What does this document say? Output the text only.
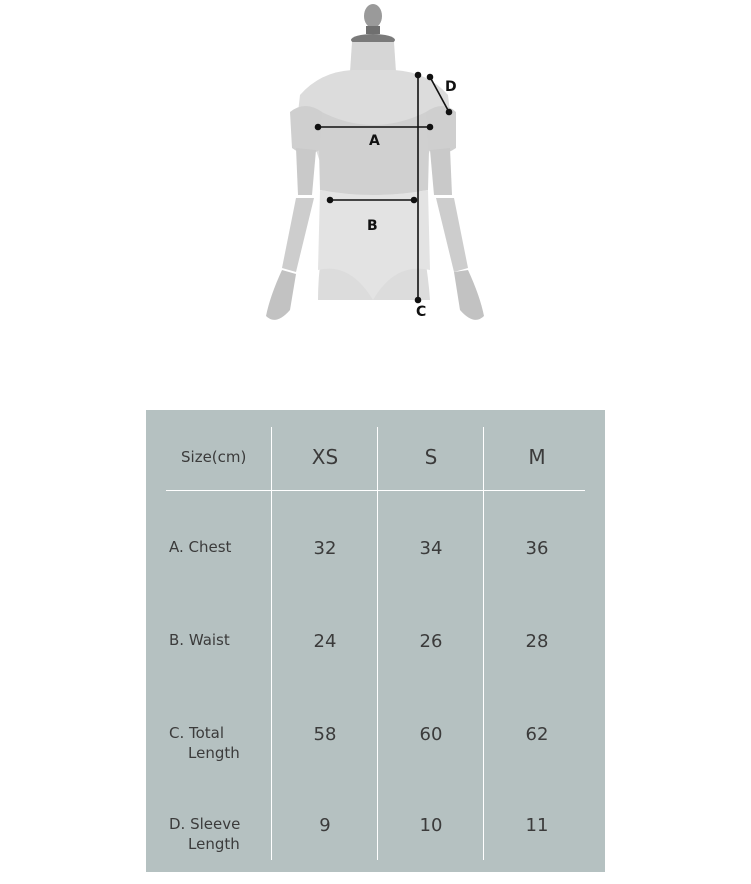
A
B
C
D
Size(cm)	XS	S	M
A. Chest	32	34	36
B. Waist	24	26	28
C. Total
Length
58	60	62
D. Sleeve
Length
9	10	11
